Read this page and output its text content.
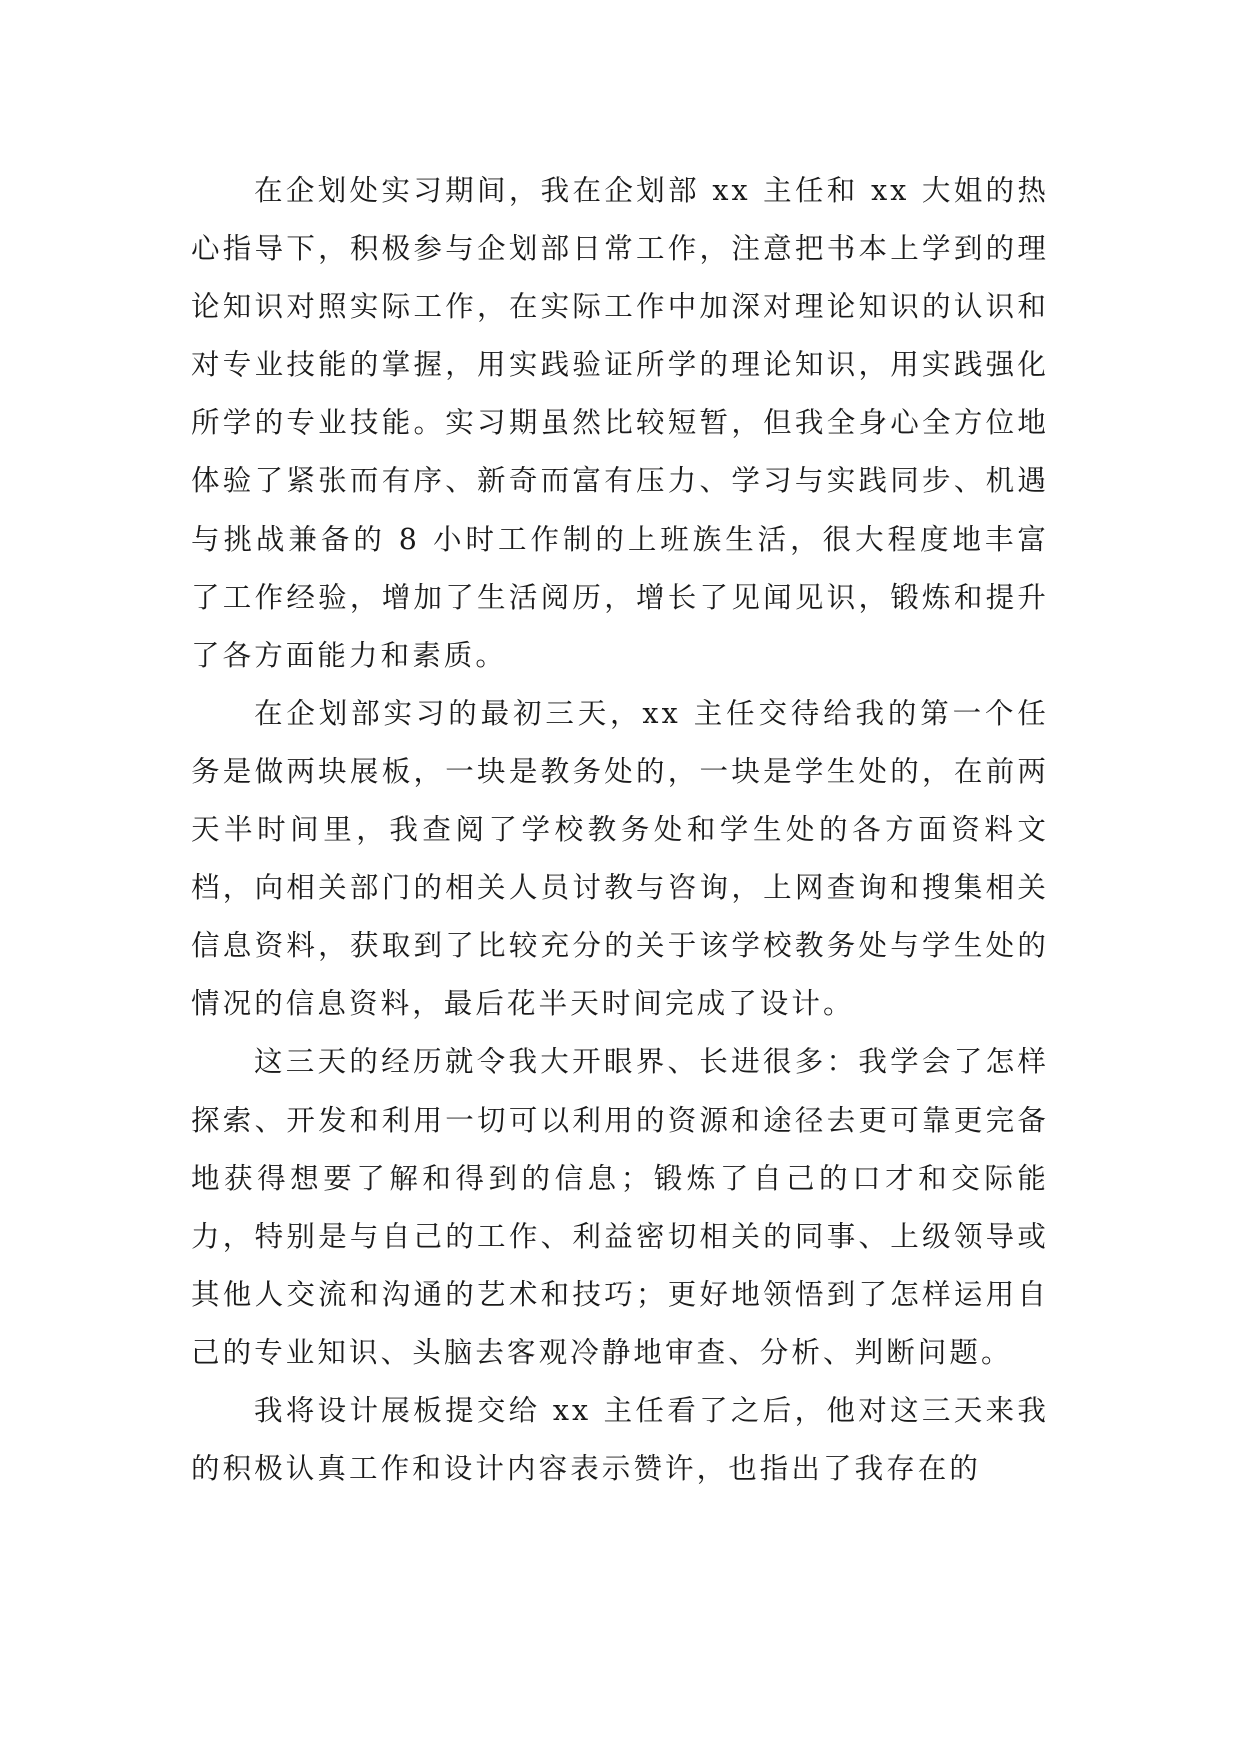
在企划处实习期间，我在企划部 xx 主任和 xx 大姐的热心指导下，积极参与企划部日常工作，注意把书本上学到的理论知识对照实际工作，在实际工作中加深对理论知识的认识和对专业技能的掌握，用实践验证所学的理论知识，用实践强化所学的专业技能。实习期虽然比较短暂，但我全身心全方位地体验了紧张而有序、新奇而富有压力、学习与实践同步、机遇与挑战兼备的 8 小时工作制的上班族生活，很大程度地丰富了工作经验，增加了生活阅历，增长了见闻见识，锻炼和提升了各方面能力和素质。

在企划部实习的最初三天，xx 主任交待给我的第一个任务是做两块展板，一块是教务处的，一块是学生处的，在前两天半时间里，我查阅了学校教务处和学生处的各方面资料文档，向相关部门的相关人员讨教与咨询，上网查询和搜集相关信息资料，获取到了比较充分的关于该学校教务处与学生处的情况的信息资料，最后花半天时间完成了设计。

这三天的经历就令我大开眼界、长进很多：我学会了怎样探索、开发和利用一切可以利用的资源和途径去更可靠更完备地获得想要了解和得到的信息；锻炼了自己的口才和交际能力，特别是与自己的工作、利益密切相关的同事、上级领导或其他人交流和沟通的艺术和技巧；更好地领悟到了怎样运用自己的专业知识、头脑去客观冷静地审查、分析、判断问题。

我将设计展板提交给 xx 主任看了之后，他对这三天来我的积极认真工作和设计内容表示赞许，也指出了我存在的
